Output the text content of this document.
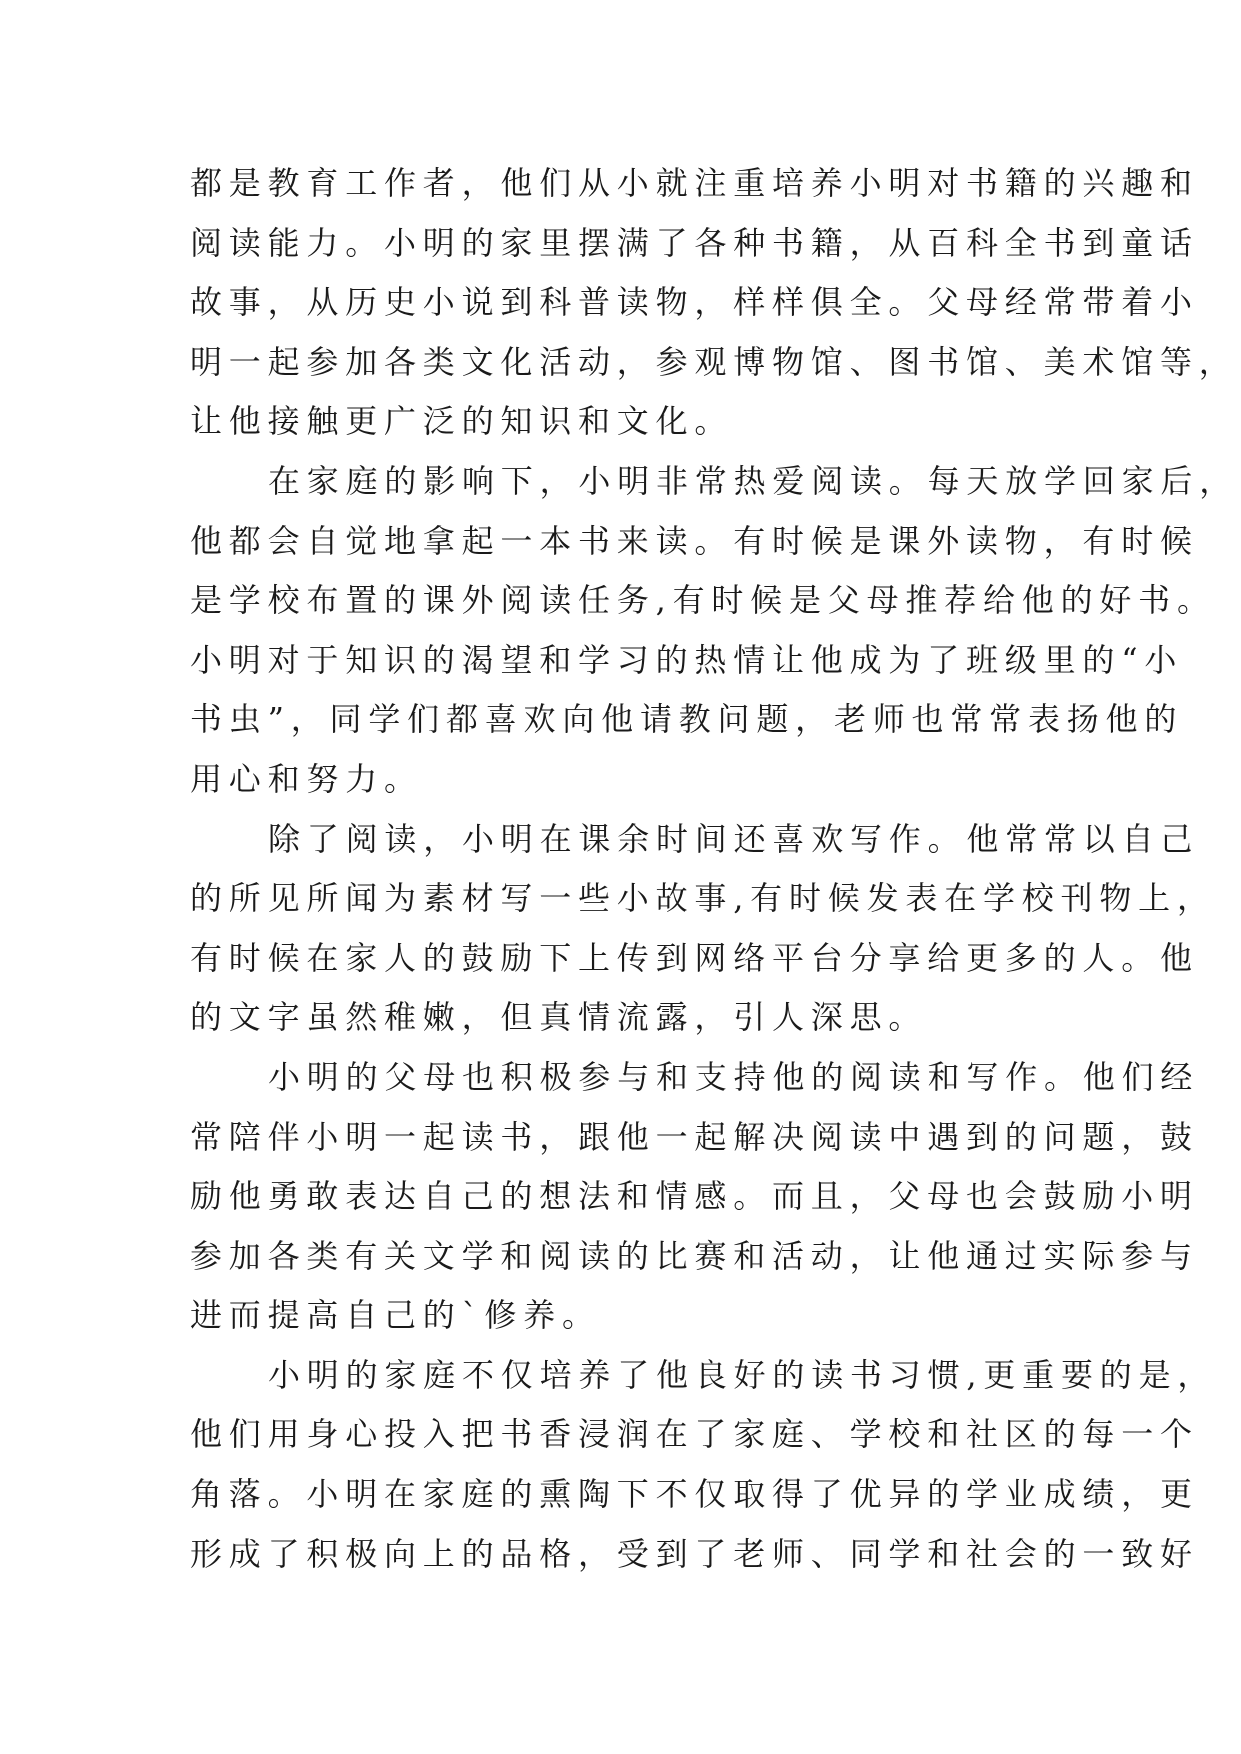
都是教育工作者，他们从小就注重培养小明对书籍的兴趣和
阅读能力。小明的家里摆满了各种书籍，从百科全书到童话
故事，从历史小说到科普读物，样样俱全。父母经常带着小
明一起参加各类文化活动，参观博物馆、图书馆、美术馆等，
让他接触更广泛的知识和文化。
在家庭的影响下，小明非常热爱阅读。每天放学回家后，
他都会自觉地拿起一本书来读。有时候是课外读物，有时候
是学校布置的课外阅读任务,有时候是父母推荐给他的好书。
小明对于知识的渴望和学习的热情让他成为了班级里的“小
书虫”，同学们都喜欢向他请教问题，老师也常常表扬他的
用心和努力。
除了阅读，小明在课余时间还喜欢写作。他常常以自己
的所见所闻为素材写一些小故事,有时候发表在学校刊物上，
有时候在家人的鼓励下上传到网络平台分享给更多的人。他
的文字虽然稚嫩，但真情流露，引人深思。
小明的父母也积极参与和支持他的阅读和写作。他们经
常陪伴小明一起读书，跟他一起解决阅读中遇到的问题，鼓
励他勇敢表达自己的想法和情感。而且，父母也会鼓励小明
参加各类有关文学和阅读的比赛和活动，让他通过实际参与
进而提高自己的`修养。
小明的家庭不仅培养了他良好的读书习惯,更重要的是，
他们用身心投入把书香浸润在了家庭、学校和社区的每一个
角落。小明在家庭的熏陶下不仅取得了优异的学业成绩，更
形成了积极向上的品格，受到了老师、同学和社会的一致好
